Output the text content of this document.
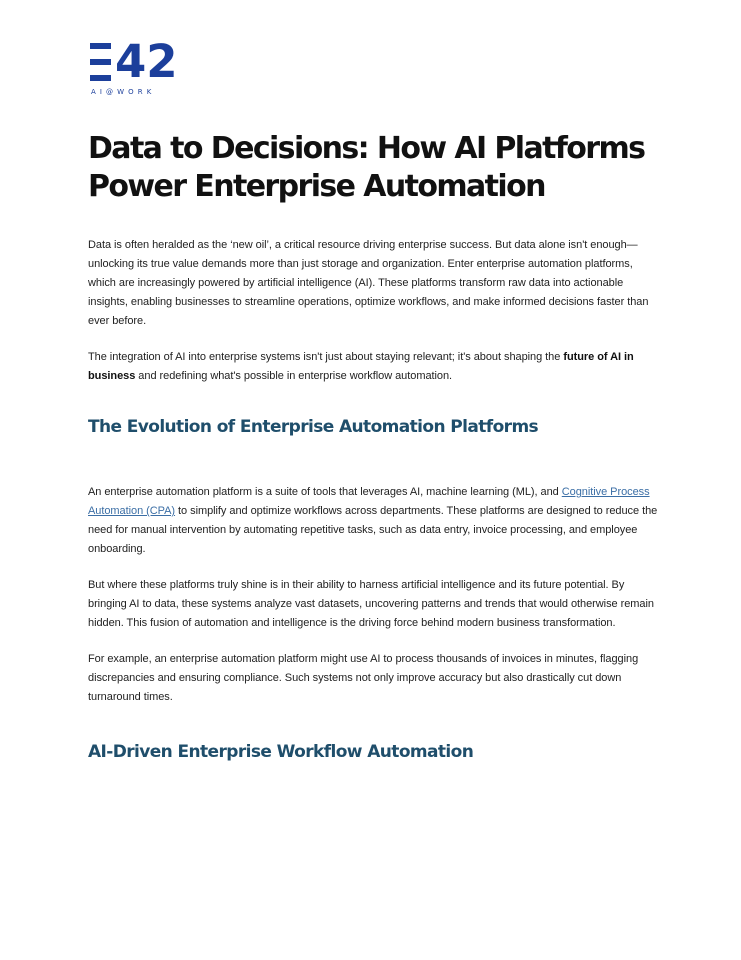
42
AI@WORK
Data to Decisions: How AI Platforms Power Enterprise Automation

Data is often heralded as the ‘new oil’, a critical resource driving enterprise success. But data alone isn't enough—unlocking its true value demands more than just storage and organization. Enter enterprise automation platforms, which are increasingly powered by artificial intelligence (AI). These platforms transform raw data into actionable insights, enabling businesses to streamline operations, optimize workflows, and make informed decisions faster than ever before.

The integration of AI into enterprise systems isn't just about staying relevant; it's about shaping the future of AI in business and redefining what's possible in enterprise workflow automation.

The Evolution of Enterprise Automation Platforms

An enterprise automation platform is a suite of tools that leverages AI, machine learning (ML), and Cognitive Process Automation (CPA) to simplify and optimize workflows across departments. These platforms are designed to reduce the need for manual intervention by automating repetitive tasks, such as data entry, invoice processing, and employee onboarding.

But where these platforms truly shine is in their ability to harness artificial intelligence and its future potential. By bringing AI to data, these systems analyze vast datasets, uncovering patterns and trends that would otherwise remain hidden. This fusion of automation and intelligence is the driving force behind modern business transformation.

For example, an enterprise automation platform might use AI to process thousands of invoices in minutes, flagging discrepancies and ensuring compliance. Such systems not only improve accuracy but also drastically cut down turnaround times.

AI-Driven Enterprise Workflow Automation
